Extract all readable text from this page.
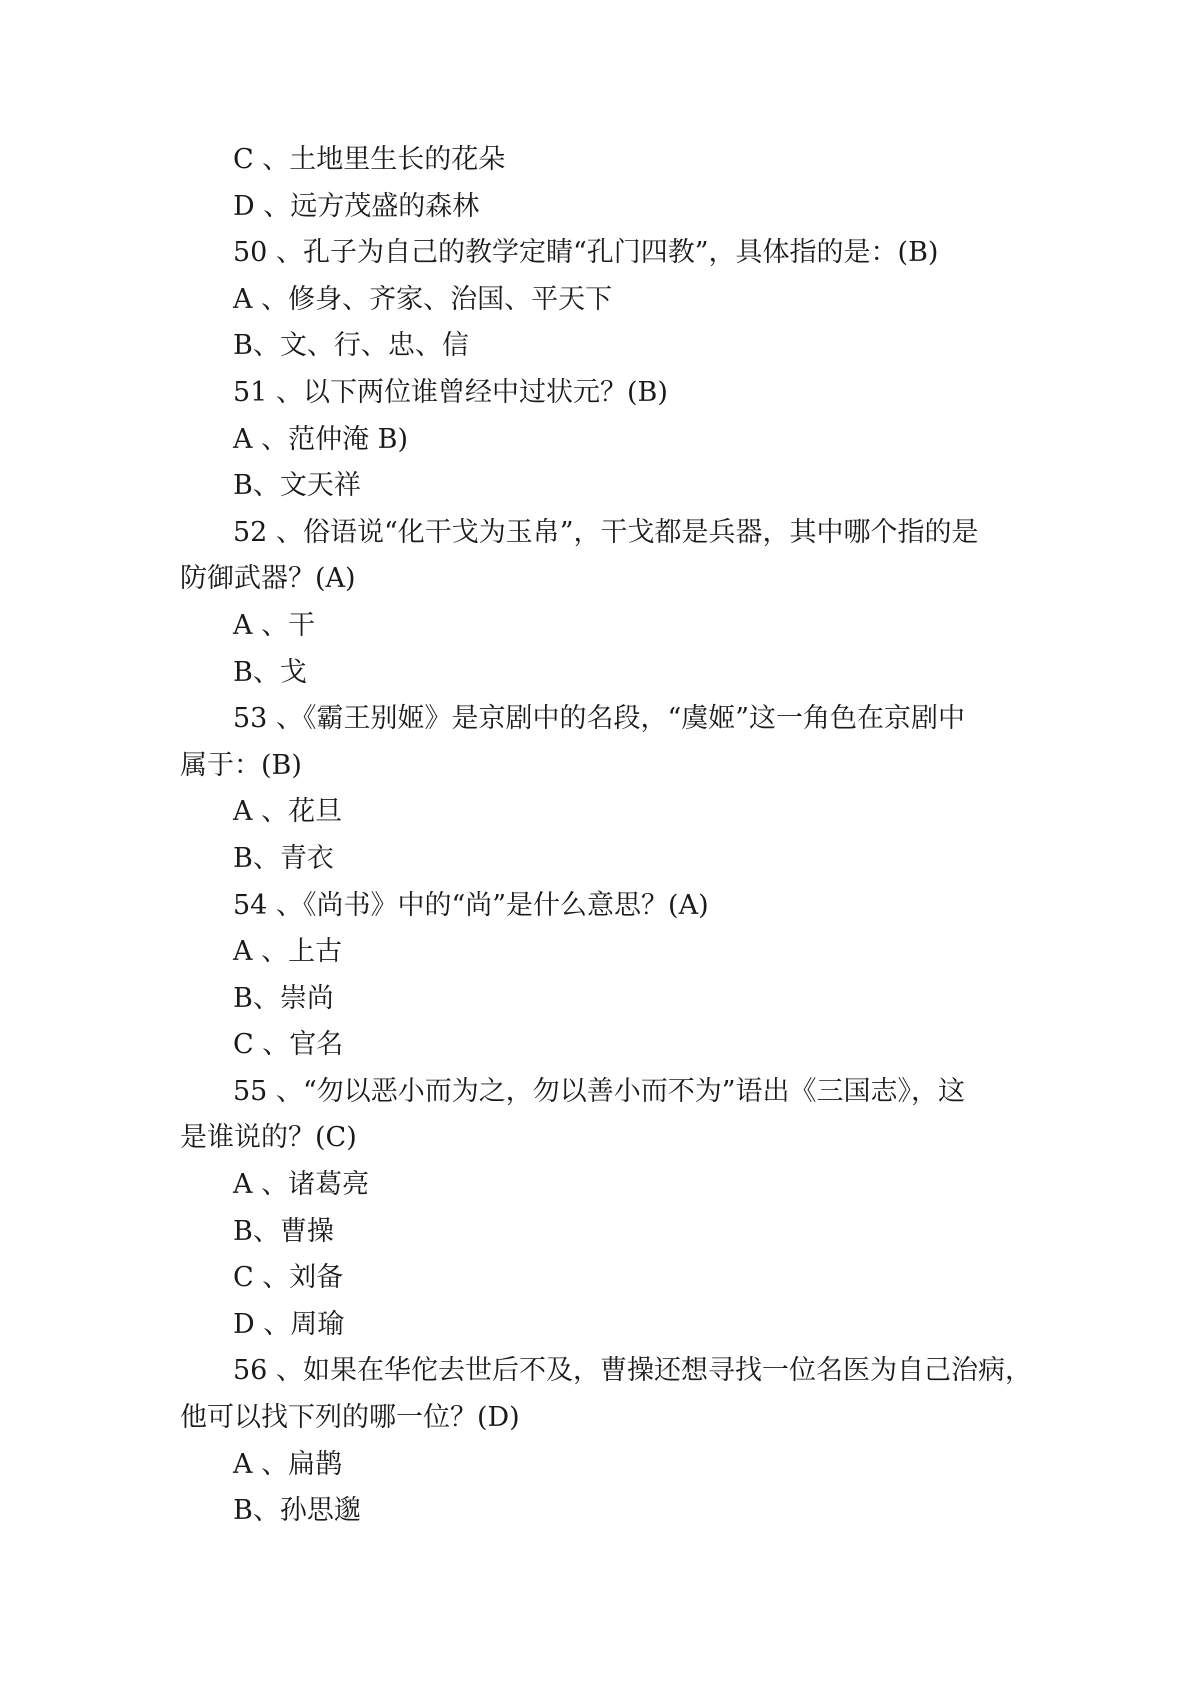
C 、土地里生长的花朵
D 、远方茂盛的森林
50 、孔子为自己的教学定睛“孔门四教”，具体指的是：(B)
A 、修身、齐家、治国、平天下
B、文、行、忠、信
51 、以下两位谁曾经中过状元？(B)
A 、范仲淹 B)
B、文天祥
52 、俗语说“化干戈为玉帛”，干戈都是兵器，其中哪个指的是
防御武器？(A)
A 、干
B、戈
53 、《霸王别姬》是京剧中的名段，“虞姬”这一角色在京剧中
属于：(B)
A 、花旦
B、青衣
54 、《尚书》中的“尚”是什么意思？(A)
A 、上古
B、崇尚
C 、官名
55 、“勿以恶小而为之，勿以善小而不为”语出《三国志》，这
是谁说的？(C)
A 、诸葛亮
B、曹操
C 、刘备
D 、周瑜
56 、如果在华佗去世后不及，曹操还想寻找一位名医为自己治病，
他可以找下列的哪一位？(D)
A 、扁鹊
B、孙思邈
